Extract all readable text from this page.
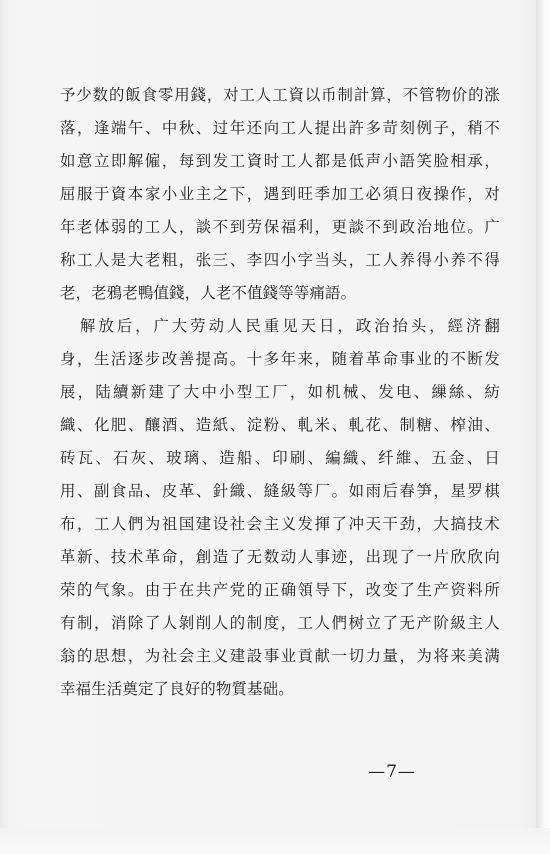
予少数的飯食零用錢，对工人工資以币制計算，不管物价的涨
落，逢端午、中秋、过年还向工人提出許多苛刻例子，稍不
如意立即解僱，每到发工資时工人都是低声小語笑脸相承，
屈服于資本家小业主之下，遇到旺季加工必須日夜操作，对
年老体弱的工人，談不到劳保福利，更談不到政治地位。广
称工人是大老粗，张三、李四小字当头，工人养得小养不得
老，老鴉老鴨值錢，人老不值錢等等痛語。
解放后，广大劳动人民重见天日，政治抬头，經济翻
身，生活逐步改善提高。十多年来，随着革命事业的不断发
展，陆續新建了大中小型工厂，如机械、发电、繅絲、紡
織、化肥、釀酒、造紙、淀粉、軋米、軋花、制糖、榨油、
砖瓦、石灰、玻璃、造船、印刷、編織、纤維、五金、日
用、副食品、皮革、針織、縫級等厂。如雨后春笋，星罗棋
布，工人們为祖国建设社会主义发揮了冲天干劲，大搞技术
革新、技术革命，創造了无数动人事迹，出现了一片欣欣向
荣的气象。由于在共产党的正确領导下，改变了生产资料所
有制，消除了人剝削人的制度，工人們树立了无产阶級主人
翁的思想，为社会主义建設事业貢献一切力量，为将来美满
幸福生活奠定了良好的物質基础。
—7—
